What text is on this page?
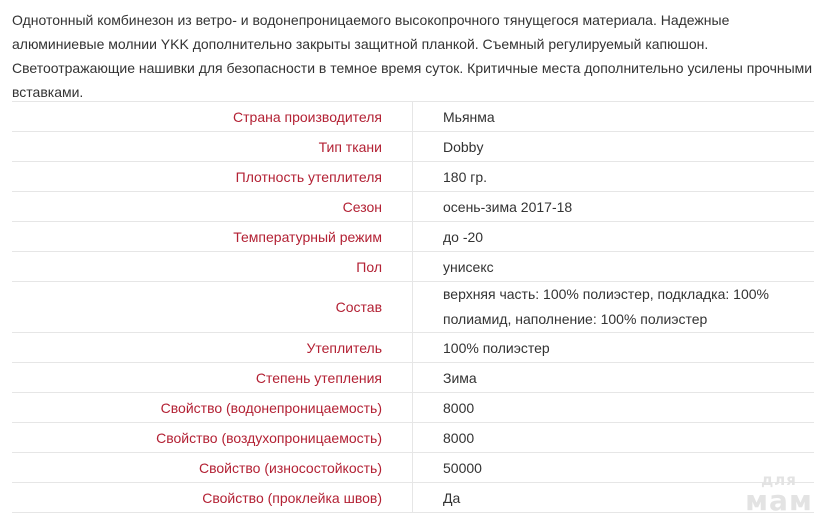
Однотонный комбинезон из ветро- и водонепроницаемого высокопрочного тянущегося материала. Надежные алюминиевые молнии YKK дополнительно закрыты защитной планкой. Съемный регулируемый капюшон. Светоотражающие нашивки для безопасности в темное время суток. Критичные места дополнительно усилены прочными вставками.

Страна производителя	Мьянма
Тип ткани	Dobby
Плотность утеплителя	180 гр.
Сезон	осень-зима 2017-18
Температурный режим	до -20
Пол	унисекс
Состав	верхняя часть: 100% полиэстер, подкладка: 100% полиамид, наполнение: 100% полиэстер
Утеплитель	100% полиэстер
Степень утепления	Зима
Свойство (водонепроницаемость)	8000
Свойство (воздухопроницаемость)	8000
Свойство (износостойкость)	50000
Свойство (проклейка швов)	Да
для
мам
